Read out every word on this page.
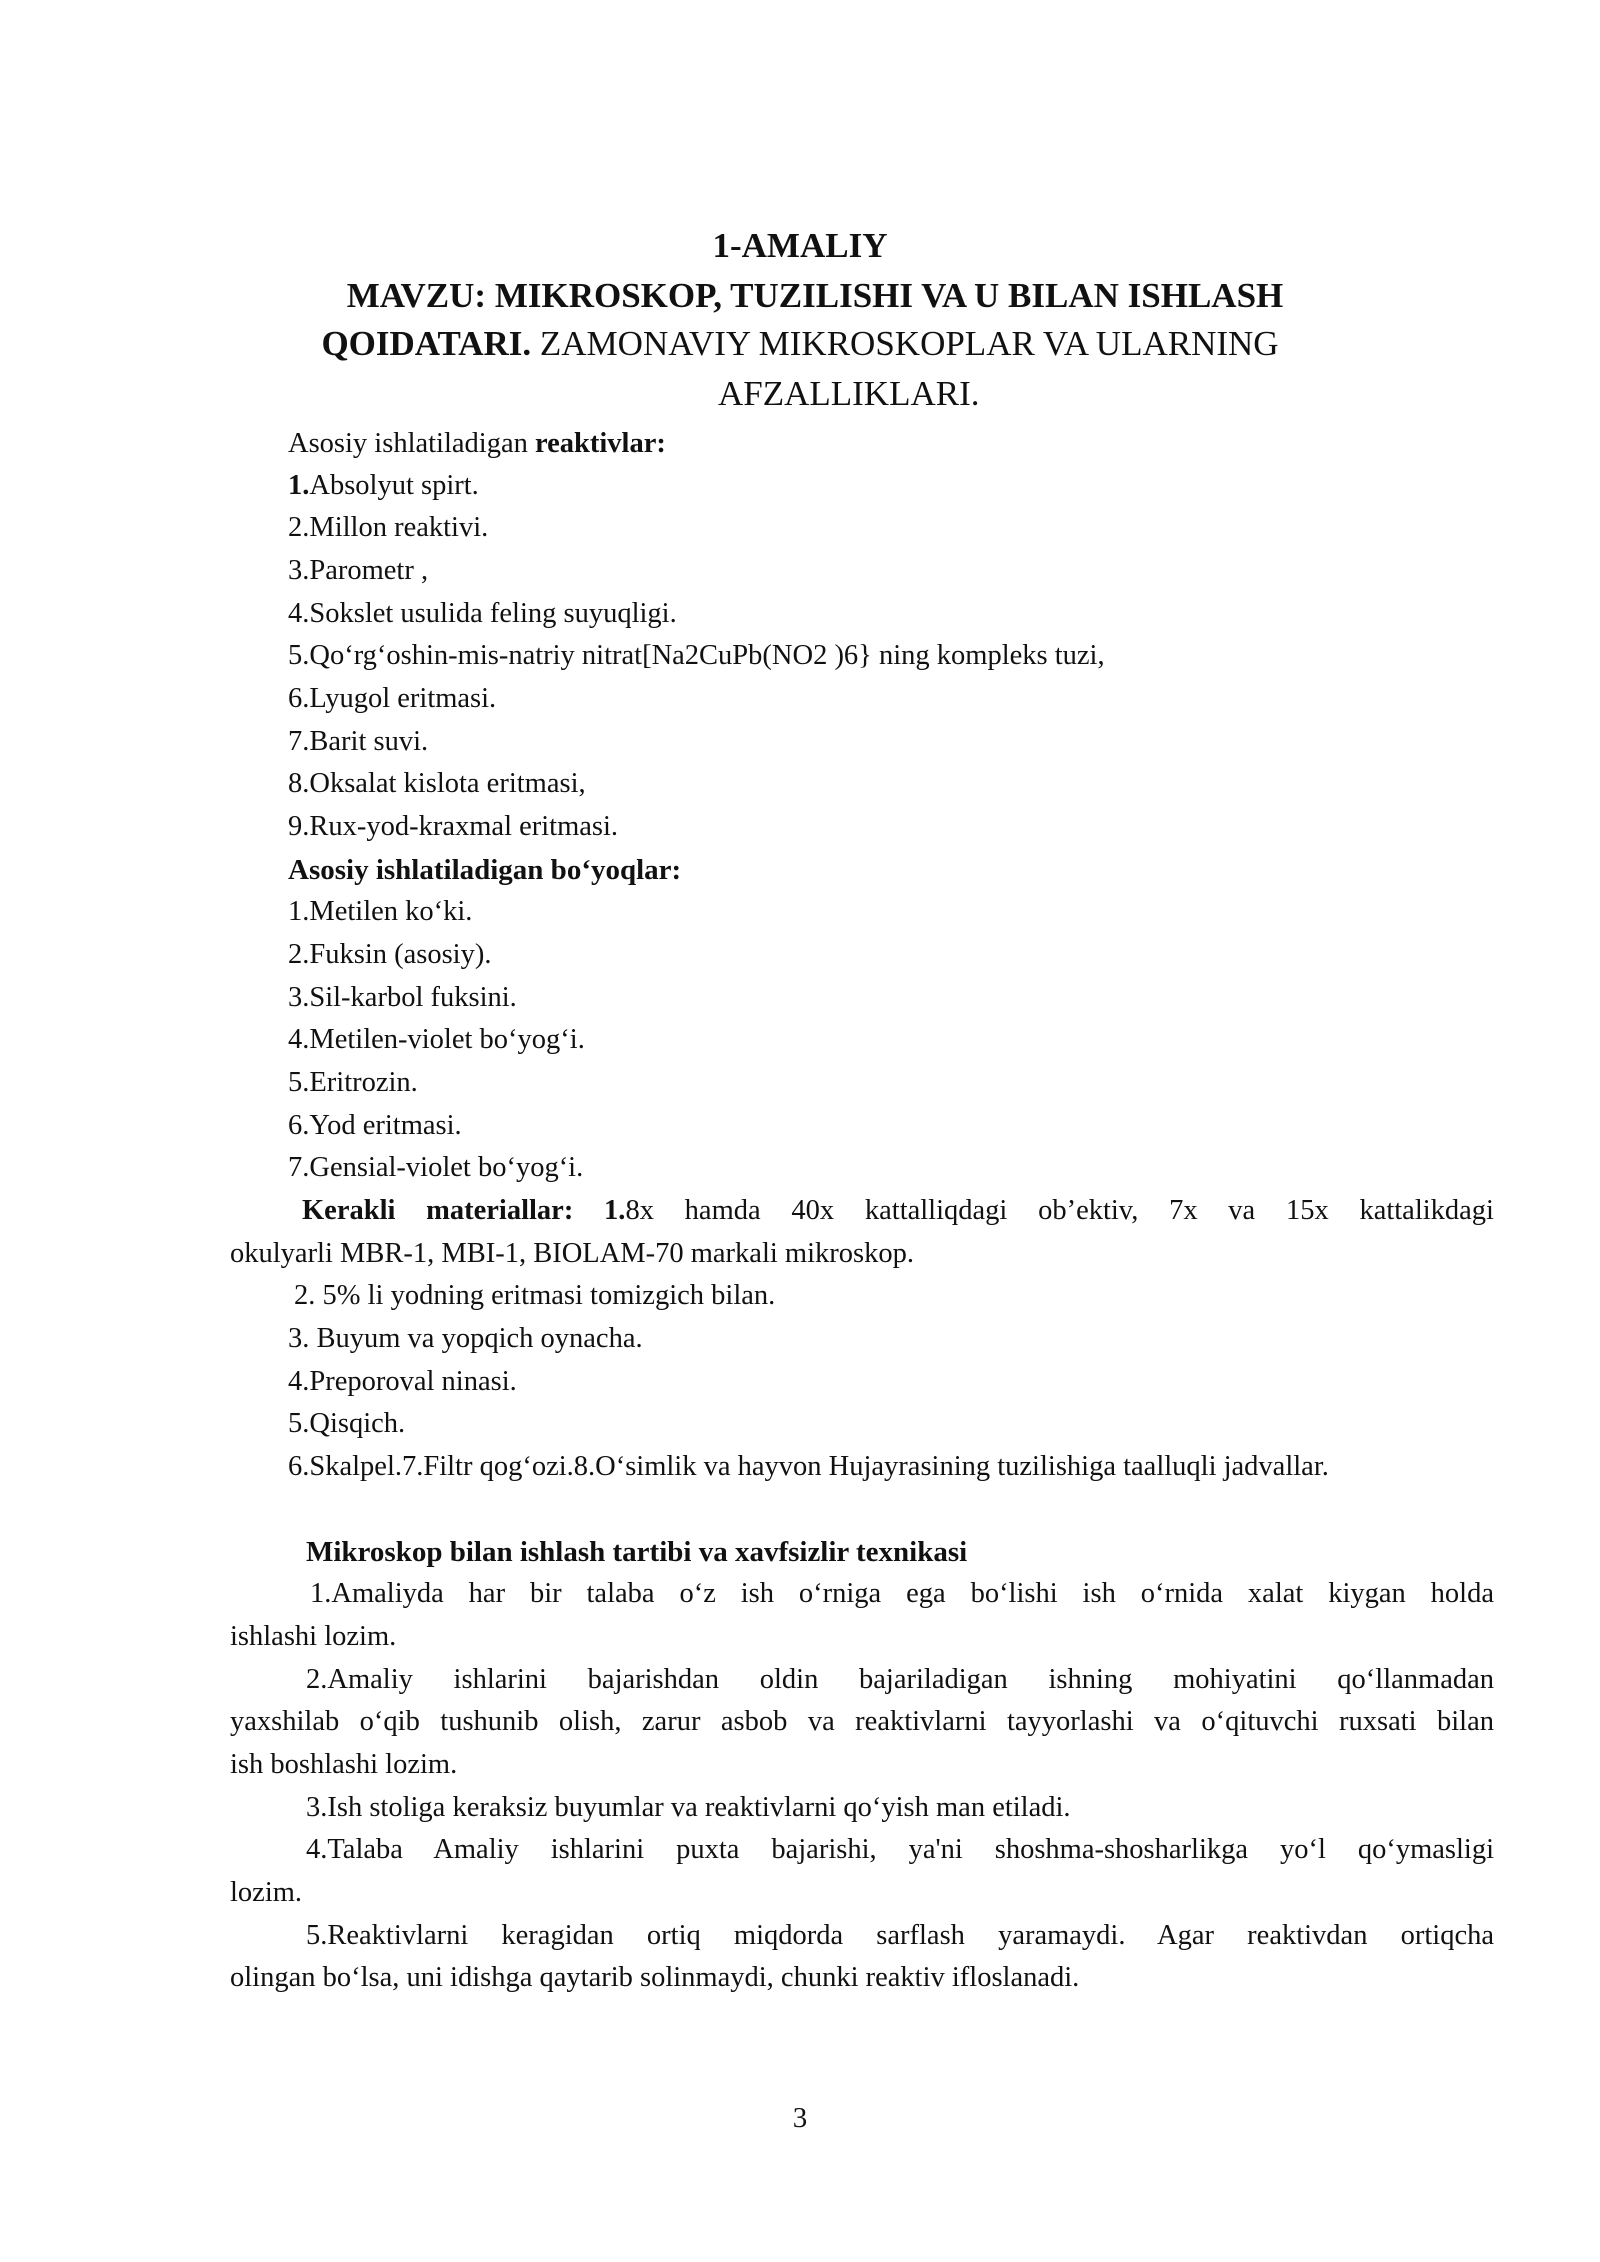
1-AMALIY
MAVZU: MIKROSKOP, TUZILISHI VA U BILAN ISHLASH
QOIDATARI. ZAMONAVIY MIKROSKOPLAR VA ULARNING
AFZALLIKLARI.
Asosiy ishlatiladigan reaktivlar:
1.Absolyut spirt.
2.Millon reaktivi.
3.Parometr ,
4.Sokslet usulida feling suyuqligi.
5.Qo‘rg‘oshin-mis-natriy nitrat[Na2CuPb(NO2 )6} ning kompleks tuzi,
6.Lyugol eritmasi.
7.Barit suvi.
8.Oksalat kislota eritmasi,
9.Rux-yod-kraxmal eritmasi.
Asosiy ishlatiladigan bo‘yoqlar:
1.Metilen ko‘ki.
2.Fuksin (asosiy).
3.Sil-karbol fuksini.
4.Metilen-violet bo‘yog‘i.
5.Eritrozin.
6.Yod eritmasi.
7.Gensial-violet bo‘yog‘i.
Kerakli materiallar: 1.8x hamda 40x kattalliqdagi ob’ektiv, 7x va 15x kattalikdagi
okulyarli MBR-1, MBI-1, BIOLAM-70 markali mikroskop.
2. 5% li yodning eritmasi tomizgich bilan.
3. Buyum va yopqich oynacha.
4.Preporoval ninasi.
5.Qisqich.
6.Skalpel.7.Filtr qog‘ozi.8.O‘simlik va hayvon Hujayrasining tuzilishiga taalluqli jadvallar.
Mikroskop bilan ishlash tartibi va xavfsizlir texnikasi
1.Amaliyda har bir talaba o‘z ish o‘rniga ega bo‘lishi ish o‘rnida xalat kiygan holda
ishlashi lozim.
2.Amaliy ishlarini bajarishdan oldin bajariladigan ishning mohiyatini qo‘llanmadan
yaxshilab o‘qib tushunib olish, zarur asbob va reaktivlarni tayyorlashi va o‘qituvchi ruxsati bilan
ish boshlashi lozim.
3.Ish stoliga keraksiz buyumlar va reaktivlarni qo‘yish man etiladi.
4.Talaba Amaliy ishlarini puxta bajarishi, ya'ni shoshma-shosharlikga yo‘l qo‘ymasligi
lozim.
5.Reaktivlarni keragidan ortiq miqdorda sarflash yaramaydi. Agar reaktivdan ortiqcha
olingan bo‘lsa, uni idishga qaytarib solinmaydi, chunki reaktiv ifloslanadi.
3
